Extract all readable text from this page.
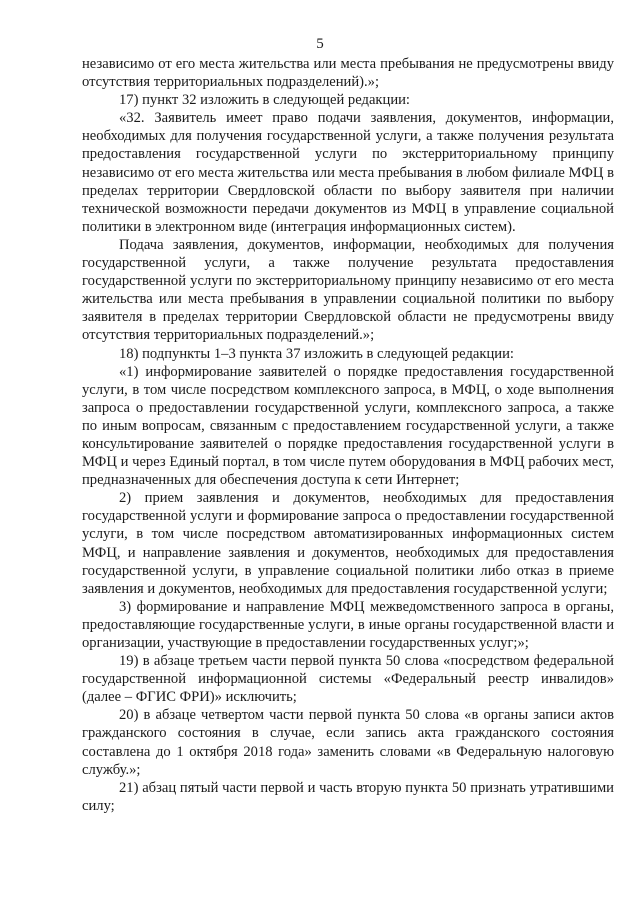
5

независимо от его места жительства или места пребывания не предусмотрены ввиду отсутствия территориальных подразделений).»;

17) пункт 32 изложить в следующей редакции:

«32. Заявитель имеет право подачи заявления, документов, информации, необходимых для получения государственной услуги, а также получения результата предоставления государственной услуги по экстерриториальному принципу независимо от его места жительства или места пребывания в любом филиале МФЦ в пределах территории Свердловской области по выбору заявителя при наличии технической возможности передачи документов из МФЦ в управление социальной политики в электронном виде (интеграция информационных систем).

Подача заявления, документов, информации, необходимых для получения государственной услуги, а также получение результата предоставления государственной услуги по экстерриториальному принципу независимо от его места жительства или места пребывания в управлении социальной политики по выбору заявителя в пределах территории Свердловской области не предусмотрены ввиду отсутствия территориальных подразделений.»;

18) подпункты 1–3 пункта 37 изложить в следующей редакции:

«1) информирование заявителей о порядке предоставления государственной услуги, в том числе посредством комплексного запроса, в МФЦ, о ходе выполнения запроса о предоставлении государственной услуги, комплексного запроса, а также по иным вопросам, связанным с предоставлением государственной услуги, а также консультирование заявителей о порядке предоставления государственной услуги в МФЦ и через Единый портал, в том числе путем оборудования в МФЦ рабочих мест, предназначенных для обеспечения доступа к сети Интернет;

2) прием заявления и документов, необходимых для предоставления государственной услуги и формирование запроса о предоставлении государственной услуги, в том числе посредством автоматизированных информационных систем МФЦ, и направление заявления и документов, необходимых для предоставления государственной услуги, в управление социальной политики либо отказ в приеме заявления и документов, необходимых для предоставления государственной услуги;

3) формирование и направление МФЦ межведомственного запроса в органы, предоставляющие государственные услуги, в иные органы государственной власти и организации, участвующие в предоставлении государственных услуг;»;

19) в абзаце третьем части первой пункта 50 слова «посредством федеральной государственной информационной системы «Федеральный реестр инвалидов» (далее – ФГИС ФРИ)» исключить;

20) в абзаце четвертом части первой пункта 50 слова «в органы записи актов гражданского состояния в случае, если запись акта гражданского состояния составлена до 1 октября 2018 года» заменить словами «в Федеральную налоговую службу.»;

21) абзац пятый части первой и часть вторую пункта 50 признать утратившими силу;
